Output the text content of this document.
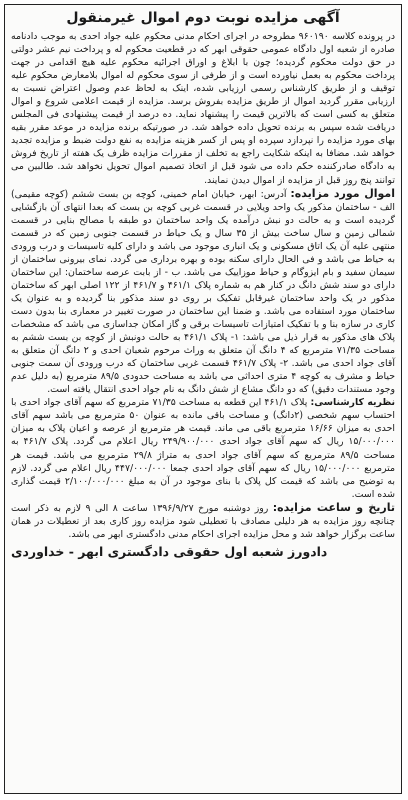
آگهی مزایده نوبت دوم اموال غیرمنقول

در پرونده کلاسه ۹۶۰۱۹۰ مطروحه در اجرای احکام مدنی محکوم علیه جواد احدی به موجب دادنامه صادره از شعبه اول دادگاه عمومی حقوقی ابهر که در قطعیت محکوم له و پرداخت نیم عشر دولتی در حق دولت محکوم گردیده؛ چون با ابلاغ و اوراق اجرائیه محکوم علیه هیچ اقدامی در جهت پرداخت محکوم به بعمل نیاورده است و از طرفی از سوی محکوم له اموال بلامعارض محکوم علیه توقیف و از طریق کارشناس رسمی ارزیابی شده، اینک به لحاظ عدم وصول اعتراض نسبت به ارزیابی مقرر گردید اموال از طریق مزایده بفروش برسد. مزایده از قیمت اعلامی شروع و اموال متعلق به کسی است که بالاترین قیمت را پیشنهاد نماید. ده درصد از قیمت پیشنهادی فی المجلس دریافت شده سپس به برنده تحویل داده خواهد شد. در صورتیکه برنده مزایده در موعد مقرر بقیه بهای مورد مزایده را نپردازد سپرده او پس از کسر هزینه مزایده به نفع دولت ضبط و مزایده تجدید خواهد شد. مضافا به اینکه شکایت راجع به تخلف از مقررات مزایده ظرف یک هفته از تاریخ فروش به دادگاه صادرکننده حکم داده می شود قبل از اتخاذ تصمیم اموال تحویل نخواهد شد. طالبین می توانند پنج روز قبل از مزایده از اموال دیدن نمایند.

اموال مورد مزایده: آدرس: ابهر، خیابان امام خمینی، کوچه بن بست ششم (کوچه مقیمی) الف - ساختمان مذکور یک واحد ویلایی در قسمت غربی کوچه بن بست که بعدا انتهای آن بازگشایی گردیده است و به حالت دو نبش درآمده یک واحد ساختمان دو طبقه با مصالح بنایی در قسمت شمالی زمین و سال ساخت بیش از ۳۵ سال و یک حیاط در قسمت جنوبی زمین که در قسمت منتهی علیه آن یک اتاق مسکونی و یک انباری موجود می باشد و دارای کلیه تاسیسات و درب ورودی به حیاط می باشد و فی الحال دارای سکنه بوده و بهره برداری می گردد. نمای بیرونی ساختمان از سیمان سفید و بام ایزوگام و حیاط موزاییک می باشد. ب - از بابت عرصه ساختمان: این ساختمان دارای دو سند شش دانگ در کنار هم به شماره پلاک ۴۶۱/۱ و ۴۶۱/۷ از ۱۲۲ اصلی ابهر که ساختمان مذکور در یک واحد ساختمان غیرقابل تفکیک بر روی دو سند مذکور بنا گردیده و به عنوان یک ساختمان مورد استفاده می باشد. و ضمنا این ساختمان در صورت تغییر در معماری بنا بدون دست کاری در سازه بنا و با تفکیک امتیازات تاسیسات برقی و گاز امکان جداسازی می باشد که مشخصات پلاک های مذکور به قرار ذیل می باشد: ۱- پلاک ۴۶۱/۱ به حالت دونبش از کوچه بن بست ششم به مساحت ۷۱/۳۵ مترمربع که ۴ دانگ آن متعلق به وراث مرحوم شعبان احدی و ۲ دانگ آن متعلق به آقای جواد احدی می باشد. ۲- پلاک ۴۶۱/۷ قسمت غربی ساختمان که درب ورودی آن سمت جنوبی حیاط و مشرف به کوچه ۴ متری احداثی می باشد به مساحت حدودی ۸۹/۵ مترمربع (به دلیل عدم وجود مستندات دقیق) که دو دانگ مشاع از شش دانگ به نام جواد احدی انتقال یافته است.

نظریه کارشناسی: پلاک ۴۶۱/۱ این قطعه به مساحت ۷۱/۳۵ مترمربع که سهم آقای جواد احدی با احتساب سهم شخصی (۲دانگ) و مساحت باقی مانده به عنوان ۵۰ مترمربع می باشد سهم آقای احدی به میزان ۱۶/۶۶ مترمربع باقی می ماند. قیمت هر مترمربع از عرصه و اعیان پلاک به میزان ۱۵/۰۰۰/۰۰۰ ریال که سهم آقای جواد احدی ۲۴۹/۹۰۰/۰۰۰ ریال اعلام می گردد. پلاک ۴۶۱/۷ به مساحت ۸۹/۵ مترمربع که سهم آقای جواد احدی به متراژ ۲۹/۸ مترمربع می باشد. قیمت هر مترمربع ۱۵/۰۰۰/۰۰۰ ریال که سهم آقای جواد احدی جمعا ۴۴۷/۰۰۰/۰۰۰ ریال اعلام می گردد. لازم به توضیح می باشد که قیمت کل پلاک با بنای موجود در آن به مبلغ ۲/۱۰۰/۰۰۰/۰۰۰ قیمت گذاری شده است.

تاریخ و ساعت مزایده: روز دوشنبه مورخ ۱۳۹۶/۹/۲۷ ساعت ۸ الی ۹ لازم به ذکر است چنانچه روز مزایده به هر دلیلی مصادف با تعطیلی شود مزایده روز کاری بعد از تعطیلات در همان ساعت برگزار خواهد شد و محل مزایده اجرای احکام مدنی دادگستری ابهر می باشد.

دادورز شعبه اول حقوقی دادگستری ابهر - خداوردی
